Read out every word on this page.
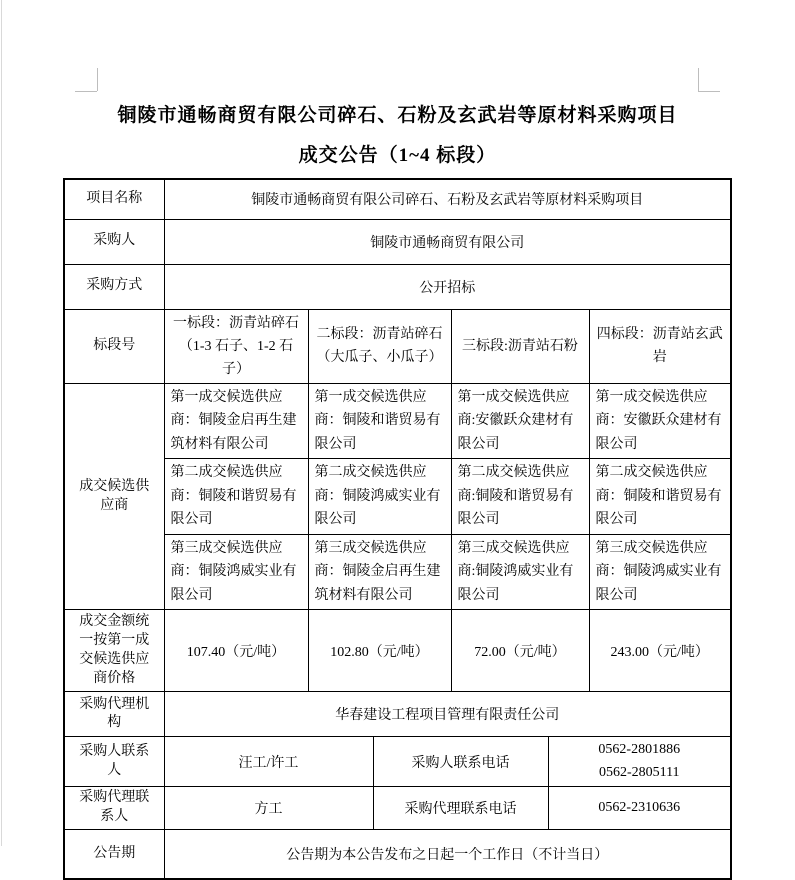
铜陵市通畅商贸有限公司碎石、石粉及玄武岩等原材料采购项目
成交公告（1~4 标段）
项目名称	铜陵市通畅商贸有限公司碎石、石粉及玄武岩等原材料采购项目					
采购人	铜陵市通畅商贸有限公司					
采购方式	公开招标					
标段号	一标段：沥青站碎石（1-3 石子、1-2 石子）	二标段：沥青站碎石（大瓜子、小瓜子）		三标段:沥青站石粉		四标段：沥青站玄武岩
成交候选供应商	第一成交候选供应商：铜陵金启再生建筑材料有限公司	第一成交候选供应商：铜陵和谐贸易有限公司		第一成交候选供应商:安徽跃众建材有限公司		第一成交候选供应商：安徽跃众建材有限公司
	第二成交候选供应商：铜陵和谐贸易有限公司	第二成交候选供应商：铜陵鸿威实业有限公司		第二成交候选供应商:铜陵和谐贸易有限公司		第二成交候选供应商：铜陵和谐贸易有限公司
	第三成交候选供应商：铜陵鸿威实业有限公司	第三成交候选供应商：铜陵金启再生建筑材料有限公司		第三成交候选供应商:铜陵鸿威实业有限公司		第三成交候选供应商：铜陵鸿威实业有限公司
成交金额统一按第一成交候选供应商价格	107.40（元/吨）	102.80（元/吨）		72.00（元/吨）		243.00（元/吨）
采购代理机构	华春建设工程项目管理有限责任公司					
采购人联系人	汪工/许工		采购人联系电话		0562-2801886
0562-2805111	

采购代理联系人	方工		采购代理联系电话		0562-2310636	
公告期	公告期为本公告发布之日起一个工作日（不计当日）					
